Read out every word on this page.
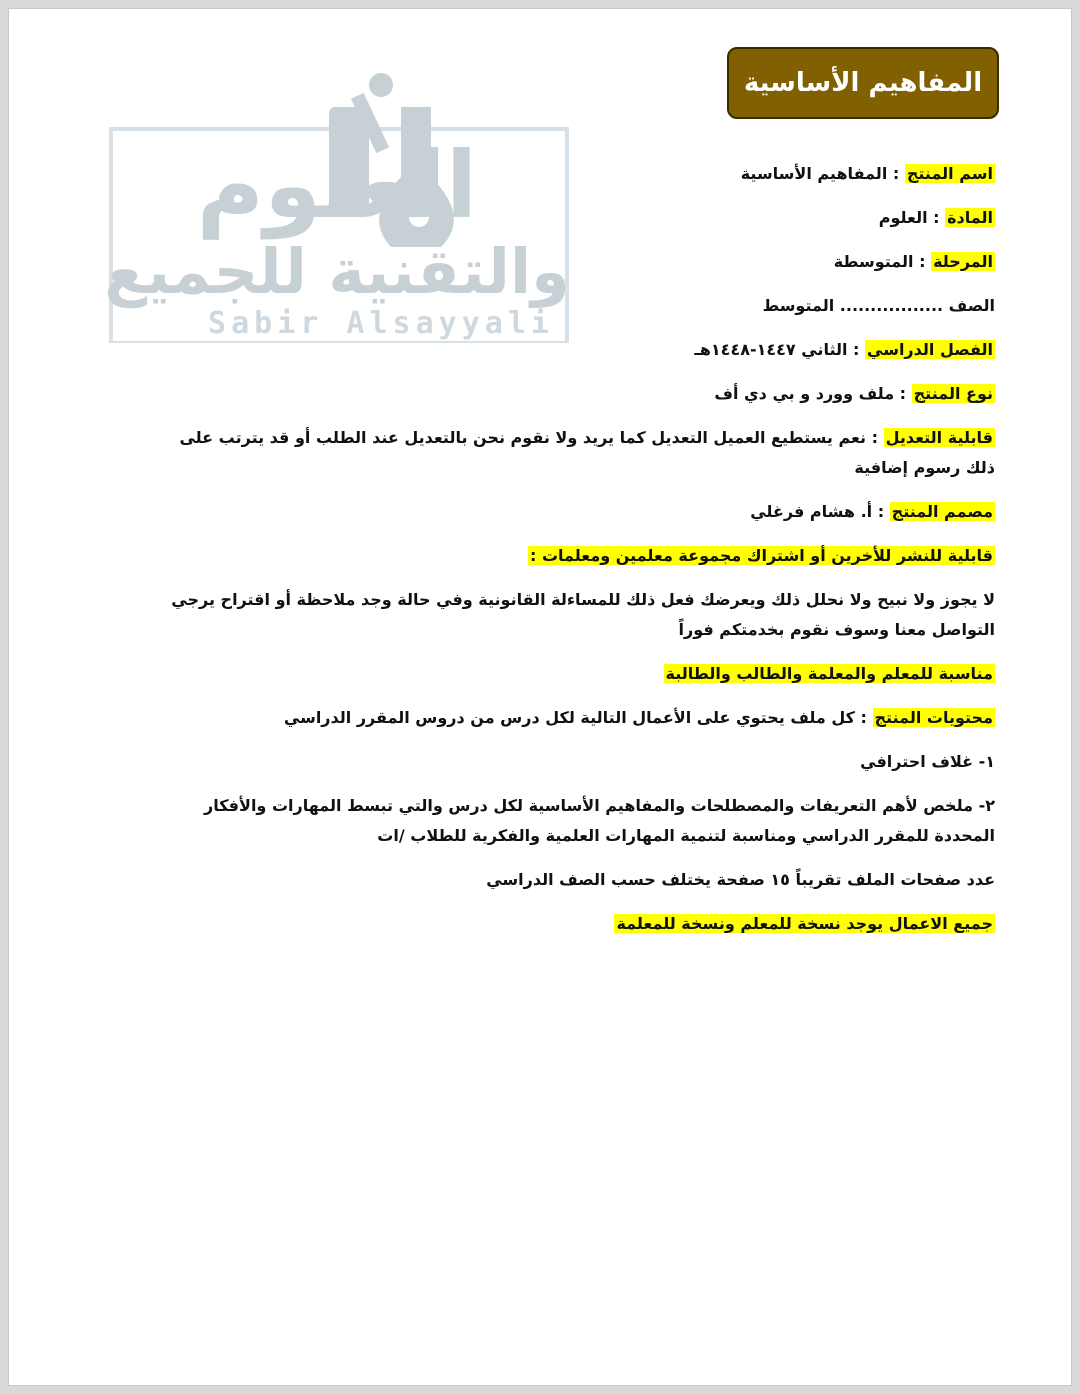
العلوم
والتقنية للجميع
Sabir Alsayyali
المفاهيم الأساسية

اسم المنتج : المفاهيم الأساسية

المادة : العلوم

المرحلة : المتوسطة

الصف ................. المتوسط

الفصل الدراسي : الثاني ١٤٤٧-١٤٤٨هـ

نوع المنتج : ملف وورد و بي دي أف

قابلية التعديل : نعم يستطيع العميل التعديل كما يريد ولا نقوم نحن بالتعديل عند الطلب أو قد يترتب على ذلك رسوم إضافية

مصمم المنتج : أ. هشام فرغلي

قابلية للنشر للأخرين أو اشتراك مجموعة معلمين ومعلمات :

لا يجوز ولا نبيح ولا نحلل ذلك ويعرضك فعل ذلك للمساءلة القانونية وفي حالة وجد ملاحظة أو اقتراح يرجي التواصل معنا وسوف نقوم بخدمتكم فوراً

مناسبة للمعلم والمعلمة والطالب والطالبة

محتويات المنتج : كل ملف يحتوي على الأعمال التالية لكل درس من دروس المقرر الدراسي

١- غلاف احترافي

٢- ملخص لأهم التعريفات والمصطلحات والمفاهيم الأساسية لكل درس والتي تبسط المهارات والأفكار المحددة للمقرر الدراسي ومناسبة لتنمية المهارات العلمية والفكرية للطلاب /ات

عدد صفحات الملف تقريباً ١٥ صفحة يختلف حسب الصف الدراسي

جميع الاعمال يوجد نسخة للمعلم ونسخة للمعلمة
